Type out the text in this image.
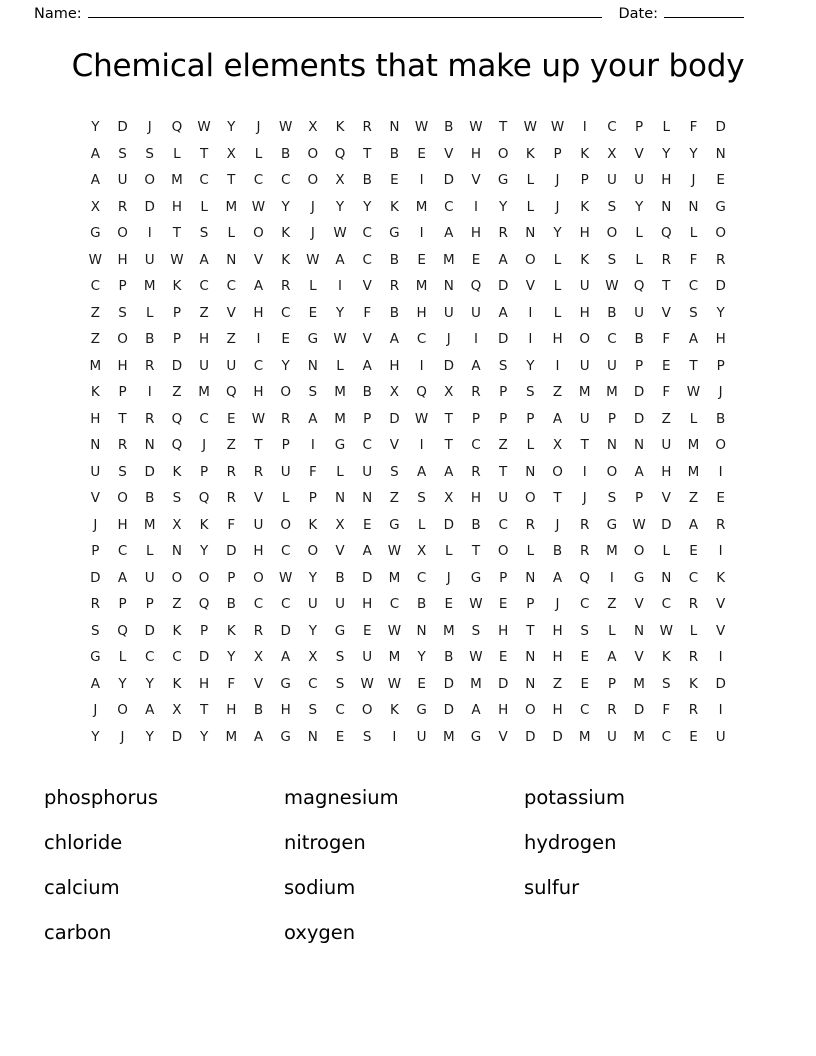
Name:	Date:
Chemical elements that make up your body
Y	D	J	Q	W	Y	J	W	X	K	R	N	W	B	W	T	W	W	I	C	P	L	F	D
A	S	S	L	T	X	L	B	O	Q	T	B	E	V	H	O	K	P	K	X	V	Y	Y	N
A	U	O	M	C	T	C	C	O	X	B	E	I	D	V	G	L	J	P	U	U	H	J	E
X	R	D	H	L	M	W	Y	J	Y	Y	K	M	C	I	Y	L	J	K	S	Y	N	N	G
G	O	I	T	S	L	O	K	J	W	C	G	I	A	H	R	N	Y	H	O	L	Q	L	O
W	H	U	W	A	N	V	K	W	A	C	B	E	M	E	A	O	L	K	S	L	R	F	R
C	P	M	K	C	C	A	R	L	I	V	R	M	N	Q	D	V	L	U	W	Q	T	C	D
Z	S	L	P	Z	V	H	C	E	Y	F	B	H	U	U	A	I	L	H	B	U	V	S	Y
Z	O	B	P	H	Z	I	E	G	W	V	A	C	J	I	D	I	H	O	C	B	F	A	H
M	H	R	D	U	U	C	Y	N	L	A	H	I	D	A	S	Y	I	U	U	P	E	T	P
K	P	I	Z	M	Q	H	O	S	M	B	X	Q	X	R	P	S	Z	M	M	D	F	W	J
H	T	R	Q	C	E	W	R	A	M	P	D	W	T	P	P	P	A	U	P	D	Z	L	B
N	R	N	Q	J	Z	T	P	I	G	C	V	I	T	C	Z	L	X	T	N	N	U	M	O
U	S	D	K	P	R	R	U	F	L	U	S	A	A	R	T	N	O	I	O	A	H	M	I
V	O	B	S	Q	R	V	L	P	N	N	Z	S	X	H	U	O	T	J	S	P	V	Z	E
J	H	M	X	K	F	U	O	K	X	E	G	L	D	B	C	R	J	R	G	W	D	A	R
P	C	L	N	Y	D	H	C	O	V	A	W	X	L	T	O	L	B	R	M	O	L	E	I
D	A	U	O	O	P	O	W	Y	B	D	M	C	J	G	P	N	A	Q	I	G	N	C	K
R	P	P	Z	Q	B	C	C	U	U	H	C	B	E	W	E	P	J	C	Z	V	C	R	V
S	Q	D	K	P	K	R	D	Y	G	E	W	N	M	S	H	T	H	S	L	N	W	L	V
G	L	C	C	D	Y	X	A	X	S	U	M	Y	B	W	E	N	H	E	A	V	K	R	I
A	Y	Y	K	H	F	V	G	C	S	W	W	E	D	M	D	N	Z	E	P	M	S	K	D
J	O	A	X	T	H	B	H	S	C	O	K	G	D	A	H	O	H	C	R	D	F	R	I
Y	J	Y	D	Y	M	A	G	N	E	S	I	U	M	G	V	D	D	M	U	M	C	E	U
phosphorus	magnesium	potassium
chloride	nitrogen	hydrogen
calcium	sodium	sulfur
carbon	oxygen
